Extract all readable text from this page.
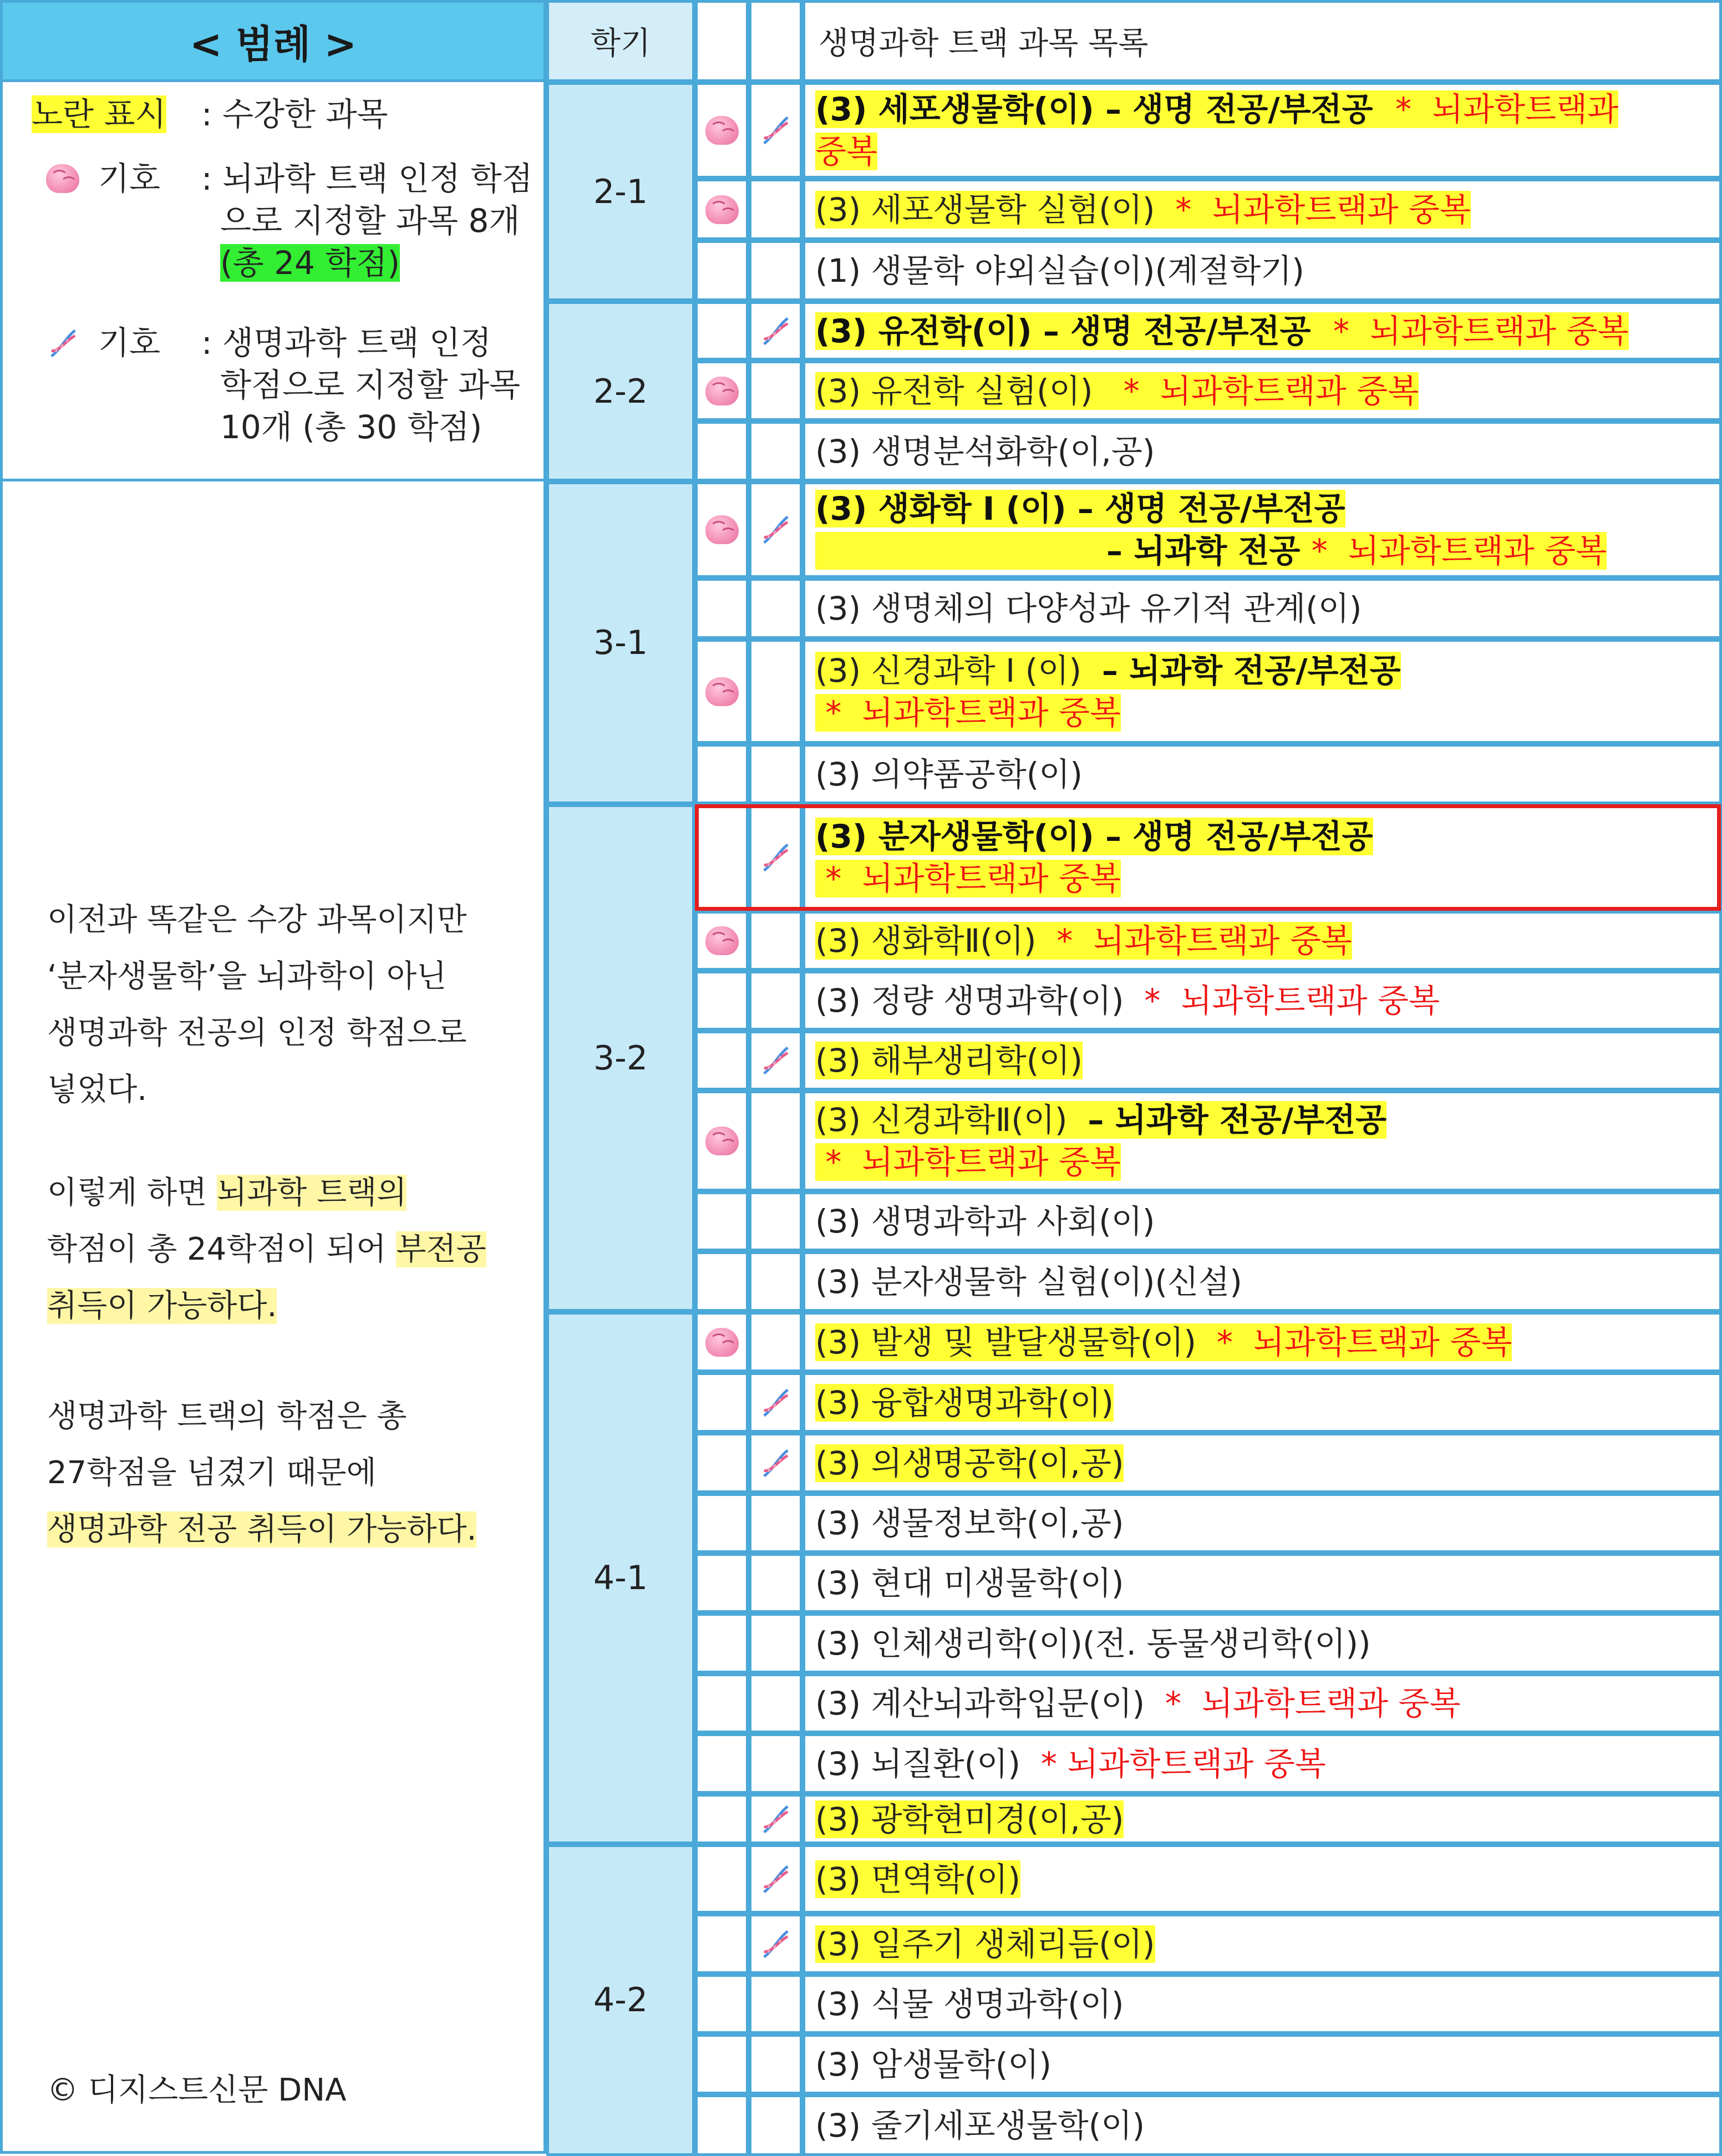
< 범례 >
노란 표시 : 수강한 과목
기호 : 뇌과학 트랙 인정 학점
으로 지정할 과목 8개
(총 24 학점)
기호 : 생명과학 트랙 인정
학점으로 지정할 과목
10개 (총 30 학점)
이전과 똑같은 수강 과목이지만
‘분자생물학’을 뇌과학이 아닌
생명과학 전공의 인정 학점으로
넣었다.
이렇게 하면 뇌과학 트랙의
학점이 총 24학점이 되어 부전공
취득이 가능하다.
생명과학 트랙의 학점은 총
27학점을 넘겼기 때문에
생명과학 전공 취득이 가능하다.
© 디지스트신문 DNA
학기	생명과학 트랙 과목 목록
2-1
2-2
3-1
3-2
4-1
4-2
(3) 세포생물학(이) – 생명 전공/부전공  *  뇌과학트랙과
중복
(3) 세포생물학 실험(이)  *  뇌과학트랙과 중복
(1) 생물학 야외실습(이)(계절학기)
(3) 유전학(이) – 생명 전공/부전공  *  뇌과학트랙과 중복
(3) 유전학 실험(이)   *  뇌과학트랙과 중복
(3) 생명분석화학(이,공)
(3) 생화학 I (이) – 생명 전공/부전공
– 뇌과학 전공 *  뇌과학트랙과 중복
(3) 생명체의 다양성과 유기적 관계(이)
(3) 신경과학 I (이)  – 뇌과학 전공/부전공
*  뇌과학트랙과 중복
(3) 의약품공학(이)
(3) 분자생물학(이) – 생명 전공/부전공
*  뇌과학트랙과 중복
(3) 생화학Ⅱ(이)  *  뇌과학트랙과 중복
(3) 정량 생명과학(이)  *  뇌과학트랙과 중복
(3) 해부생리학(이)
(3) 신경과학Ⅱ(이)  – 뇌과학 전공/부전공
*  뇌과학트랙과 중복
(3) 생명과학과 사회(이)
(3) 분자생물학 실험(이)(신설)
(3) 발생 및 발달생물학(이)  *  뇌과학트랙과 중복
(3) 융합생명과학(이)
(3) 의생명공학(이,공)
(3) 생물정보학(이,공)
(3) 현대 미생물학(이)
(3) 인체생리학(이)(전. 동물생리학(이))
(3) 계산뇌과학입문(이)  *  뇌과학트랙과 중복
(3) 뇌질환(이)  * 뇌과학트랙과 중복
(3) 광학현미경(이,공)
(3) 면역학(이)
(3) 일주기 생체리듬(이)
(3) 식물 생명과학(이)
(3) 암생물학(이)
(3) 줄기세포생물학(이)
